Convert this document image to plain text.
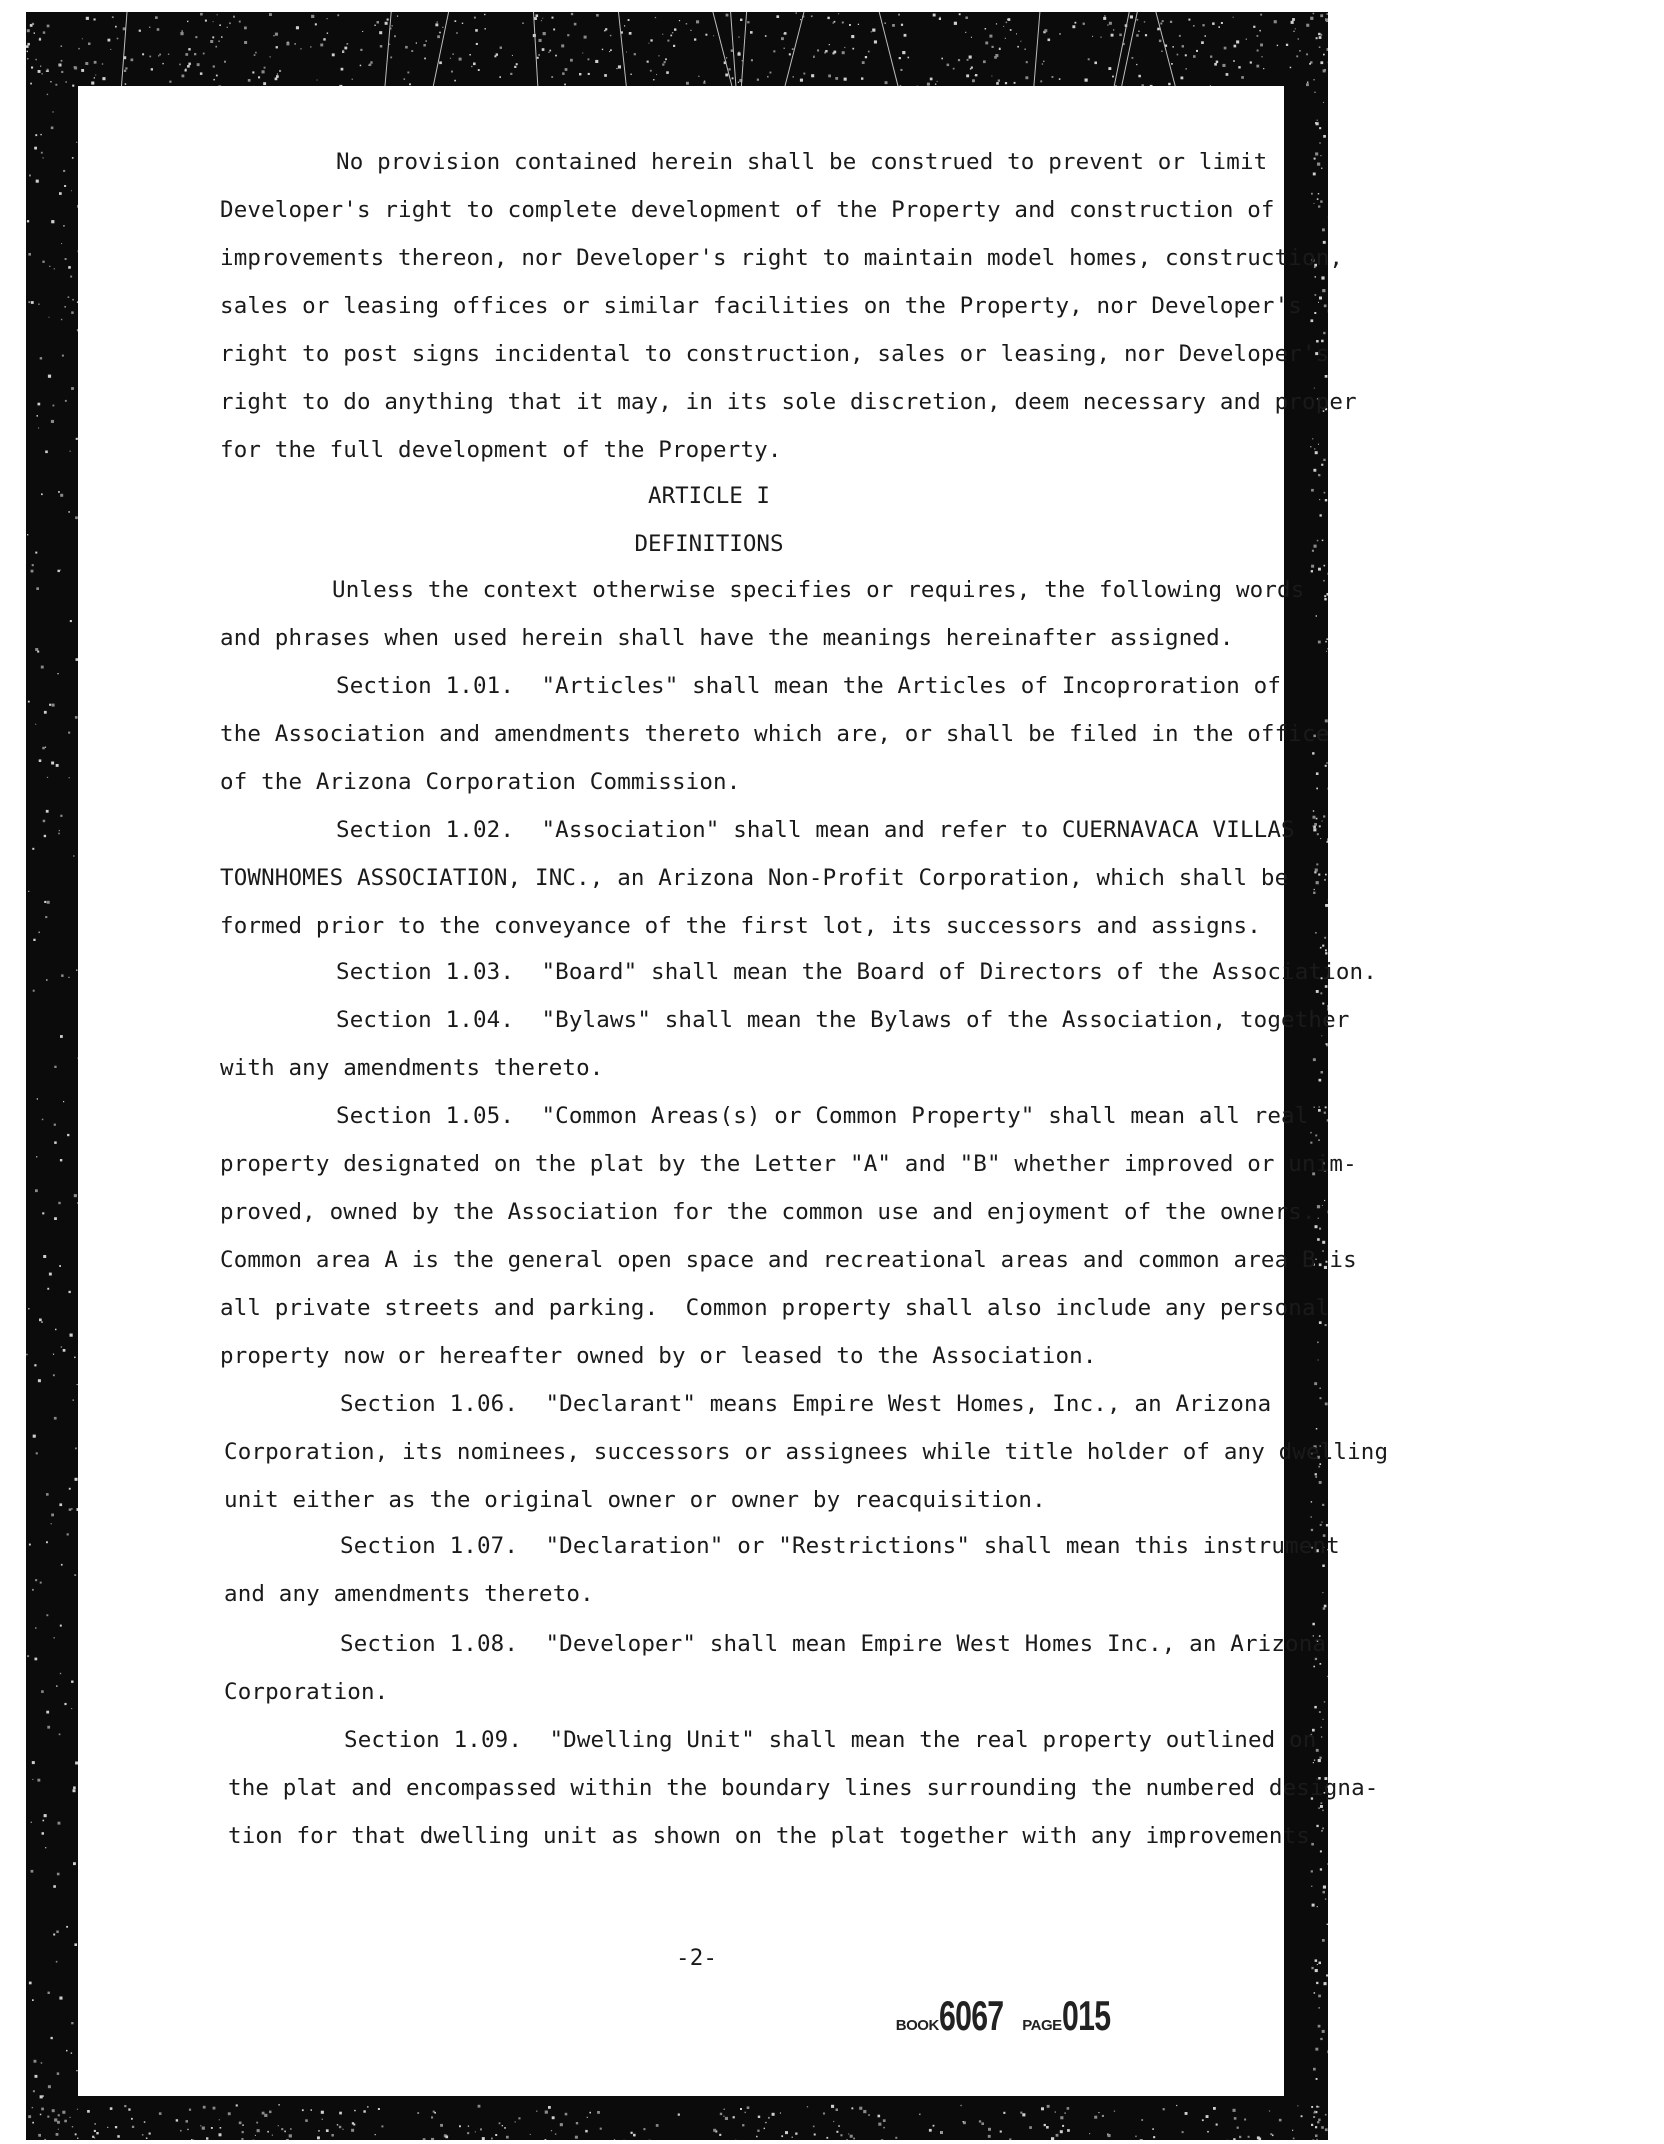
No provision contained herein shall be construed to prevent or limit
Developer's right to complete development of the Property and construction of
improvements thereon, nor Developer's right to maintain model homes, construction,
sales or leasing offices or similar facilities on the Property, nor Developer's
right to post signs incidental to construction, sales or leasing, nor Developer's
right to do anything that it may, in its sole discretion, deem necessary and proper
for the full development of the Property.
ARTICLE I
DEFINITIONS
Unless the context otherwise specifies or requires, the following words
and phrases when used herein shall have the meanings hereinafter assigned.
Section 1.01.  "Articles" shall mean the Articles of Incoproration of
the Association and amendments thereto which are, or shall be filed in the office
of the Arizona Corporation Commission.
Section 1.02.  "Association" shall mean and refer to CUERNAVACA VILLAS
TOWNHOMES ASSOCIATION, INC., an Arizona Non-Profit Corporation, which shall be
formed prior to the conveyance of the first lot, its successors and assigns.
Section 1.03.  "Board" shall mean the Board of Directors of the Association.
Section 1.04.  "Bylaws" shall mean the Bylaws of the Association, together
with any amendments thereto.
Section 1.05.  "Common Areas(s) or Common Property" shall mean all real
property designated on the plat by the Letter "A" and "B" whether improved or unim-
proved, owned by the Association for the common use and enjoyment of the owners.
Common area A is the general open space and recreational areas and common area B is
all private streets and parking.  Common property shall also include any personal
property now or hereafter owned by or leased to the Association.
Section 1.06.  "Declarant" means Empire West Homes, Inc., an Arizona
Corporation, its nominees, successors or assignees while title holder of any dwelling
unit either as the original owner or owner by reacquisition.
Section 1.07.  "Declaration" or "Restrictions" shall mean this instrument
and any amendments thereto.
Section 1.08.  "Developer" shall mean Empire West Homes Inc., an Arizona
Corporation.
Section 1.09.  "Dwelling Unit" shall mean the real property outlined on
the plat and encompassed within the boundary lines surrounding the numbered designa-
tion for that dwelling unit as shown on the plat together with any improvements
-2-

BOOK6067 PAGE015
